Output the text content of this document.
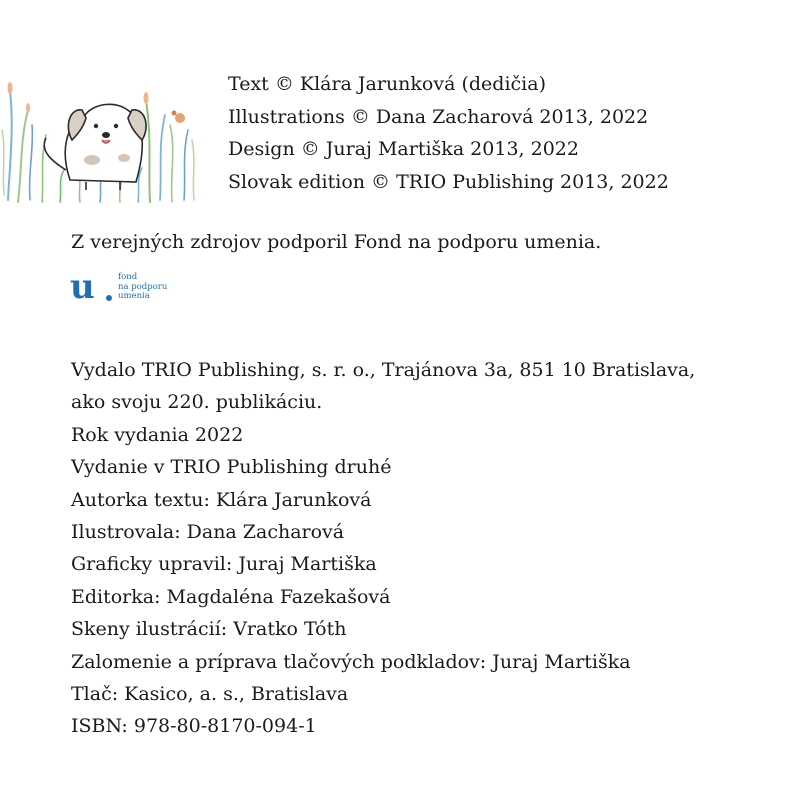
Text © Klára Jarunková (dedičia)
Illustrations © Dana Zacharová 2013, 2022
Design © Juraj Martiška 2013, 2022
Slovak edition © TRIO Publishing 2013, 2022
Z verejných zdrojov podporil Fond na podporu umenia.
u	fond
na podporu
umenia
Vydalo TRIO Publishing, s. r. o., Trajánova 3a, 851 10 Bratislava,
ako svoju 220. publikáciu.
Rok vydania 2022
Vydanie v TRIO Publishing druhé
Autorka textu: Klára Jarunková
Ilustrovala: Dana Zacharová
Graficky upravil: Juraj Martiška
Editorka: Magdaléna Fazekašová
Skeny ilustrácií: Vratko Tóth
Zalomenie a príprava tlačových podkladov: Juraj Martiška
Tlač: Kasico, a. s., Bratislava
ISBN: 978-80-8170-094-1
